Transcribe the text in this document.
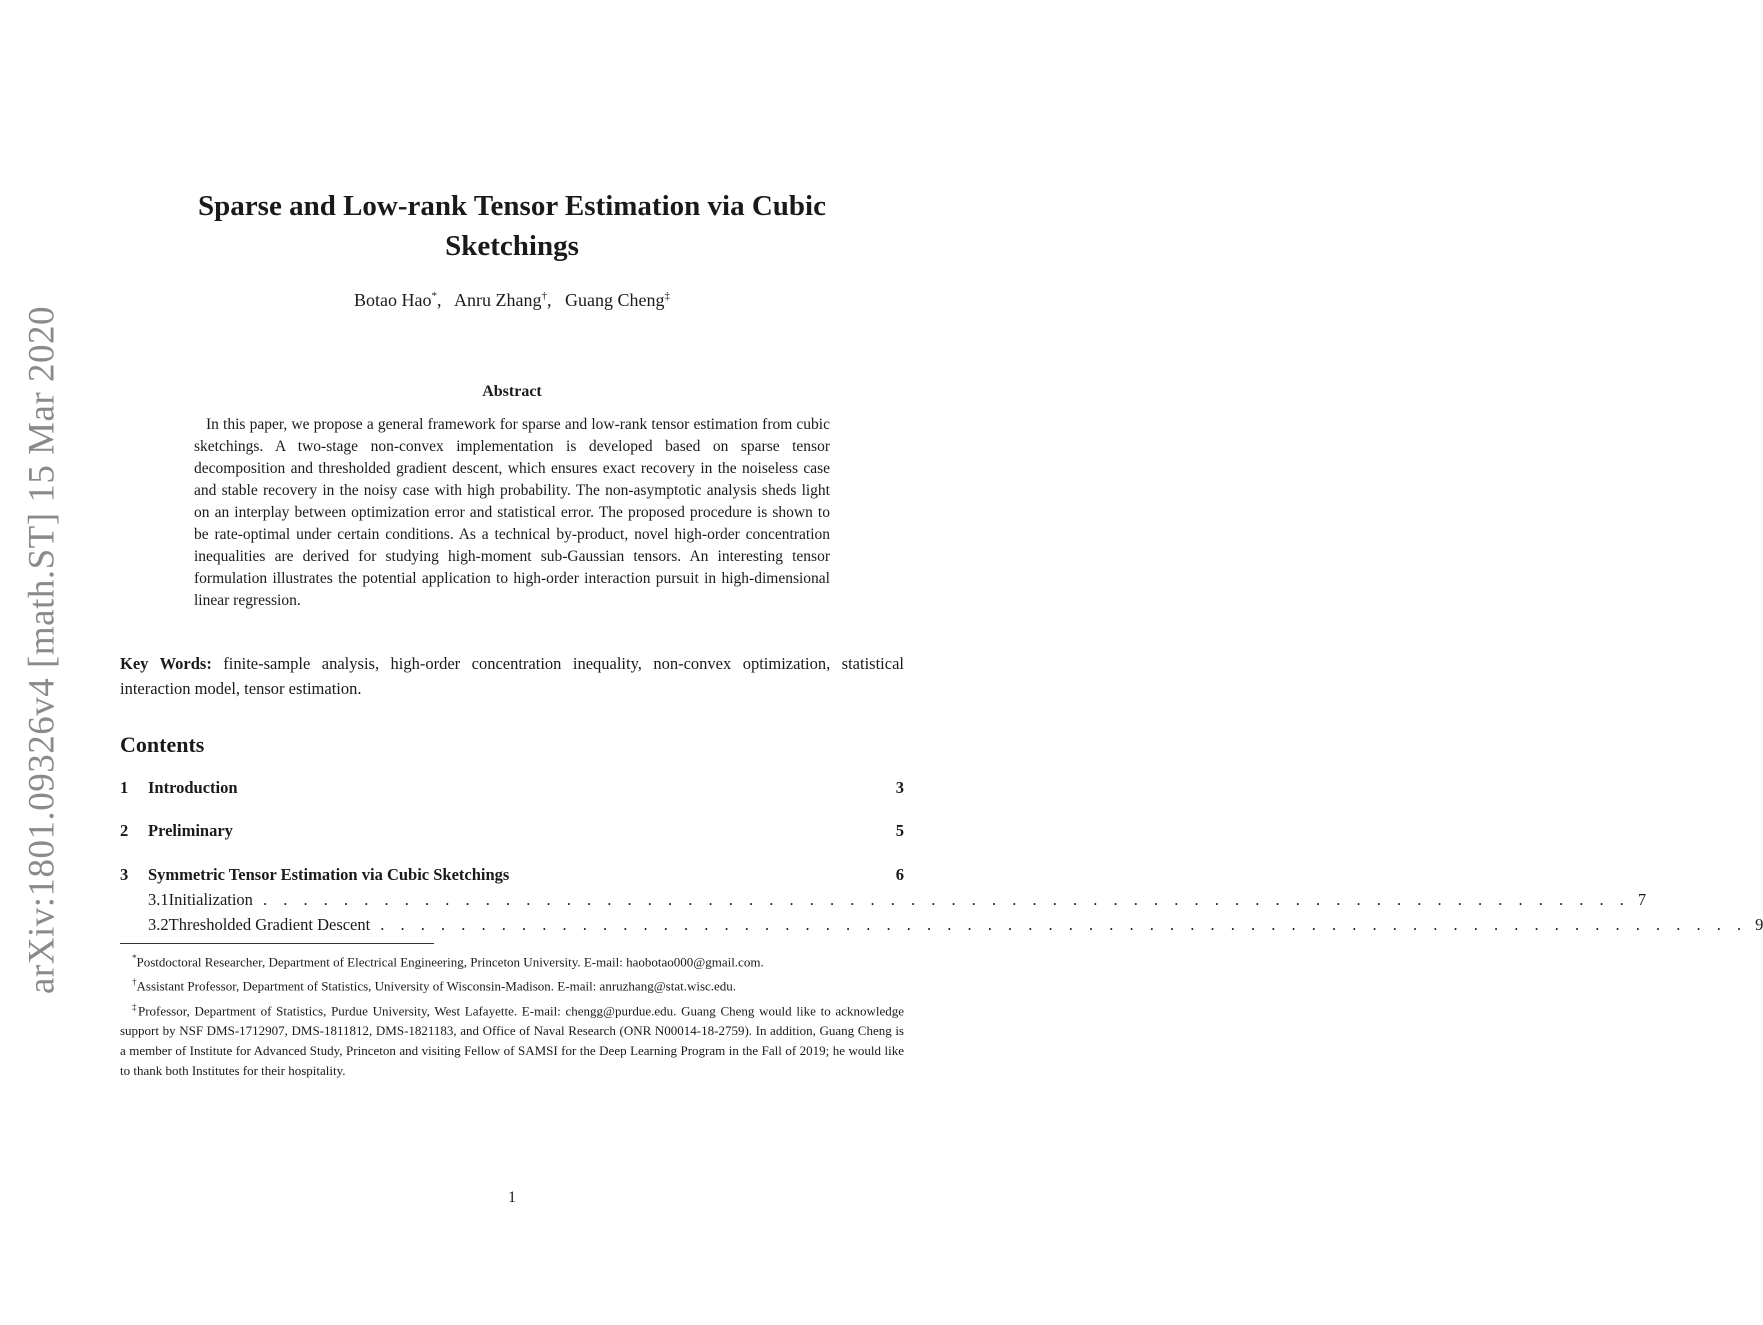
arXiv:1801.09326v4 [math.ST] 15 Mar 2020
Sparse and Low-rank Tensor Estimation via Cubic
Sketchings
Botao Hao*,   Anru Zhang†,   Guang Cheng‡
Abstract
In this paper, we propose a general framework for sparse and low-rank tensor estimation from cubic sketchings. A two-stage non-convex implementation is developed based on sparse tensor decomposition and thresholded gradient descent, which ensures exact recovery in the noiseless case and stable recovery in the noisy case with high probability. The non-asymptotic analysis sheds light on an interplay between optimization error and statistical error. The proposed procedure is shown to be rate-optimal under certain conditions. As a technical by-product, novel high-order concentration inequalities are derived for studying high-moment sub-Gaussian tensors. An interesting tensor formulation illustrates the potential application to high-order interaction pursuit in high-dimensional linear regression.
Key Words: finite-sample analysis, high-order concentration inequality, non-convex optimization, statistical interaction model, tensor estimation.
Contents
1	Introduction	3
2	Preliminary	5
3	Symmetric Tensor Estimation via Cubic Sketchings	6
3.1 Initialization . . . . . . . . . . . . . . . . . . . . . . . . . . . . . . . . . . . . . . . . . . . . . . . . . . . . . . . . . . . . . . . . . . . . 7
3.2 Thresholded Gradient Descent . . . . . . . . . . . . . . . . . . . . . . . . . . . . . . . . . . . . . . . . . . . . . . . . . . . . . . . . . . . . . . . . . . . . 9

*Postdoctoral Researcher, Department of Electrical Engineering, Princeton University. E-mail: haobotao000@gmail.com.

†Assistant Professor, Department of Statistics, University of Wisconsin-Madison. E-mail: anruzhang@stat.wisc.edu.

‡Professor, Department of Statistics, Purdue University, West Lafayette. E-mail: chengg@purdue.edu. Guang Cheng would like to acknowledge support by NSF DMS-1712907, DMS-1811812, DMS-1821183, and Office of Naval Research (ONR N00014-18-2759). In addition, Guang Cheng is a member of Institute for Advanced Study, Princeton and visiting Fellow of SAMSI for the Deep Learning Program in the Fall of 2019; he would like to thank both Institutes for their hospitality.

1
